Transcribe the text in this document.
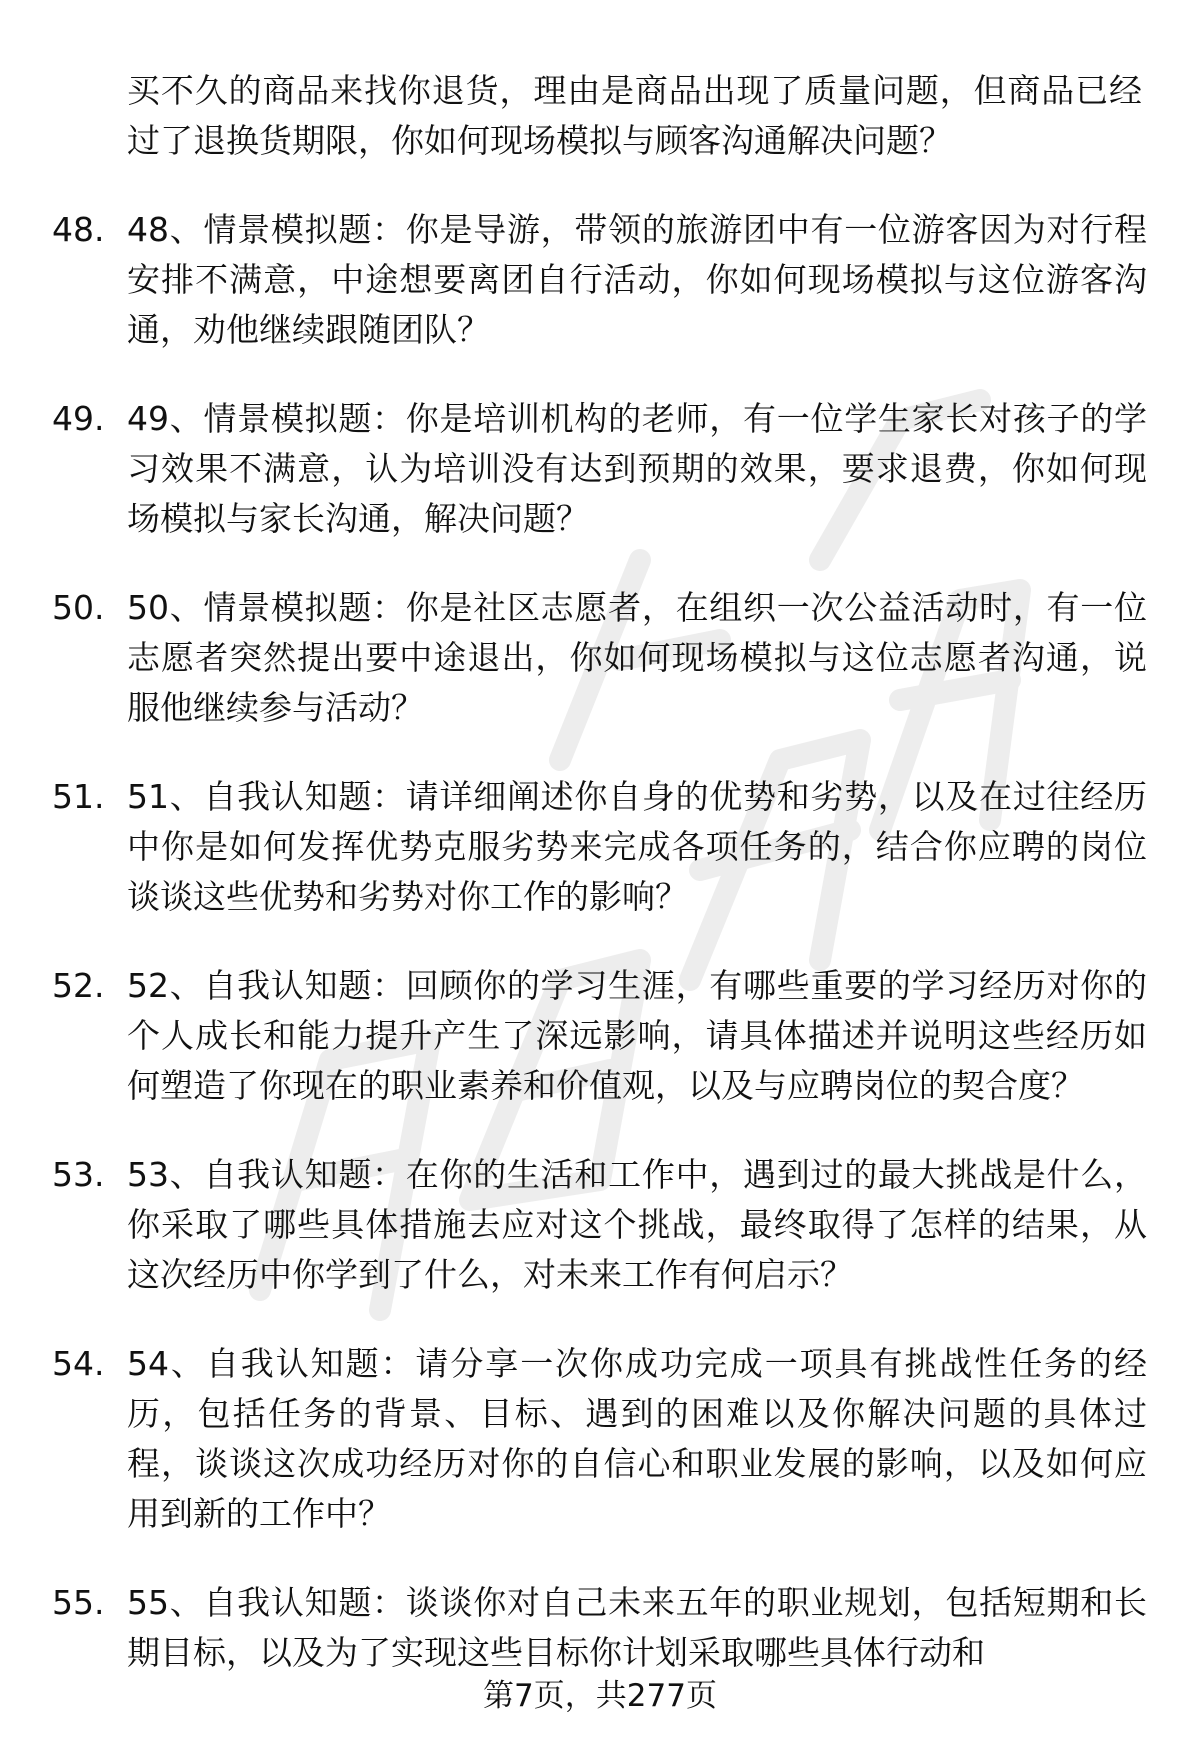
买不久的商品来找你退货，理由是商品出现了质量问题，但商品已经过了退换货期限，你如何现场模拟与顾客沟通解决问题？
48. 48、情景模拟题：你是导游，带领的旅游团中有一位游客因为对行程安排不满意，中途想要离团自行活动，你如何现场模拟与这位游客沟通，劝他继续跟随团队？
49. 49、情景模拟题：你是培训机构的老师，有一位学生家长对孩子的学习效果不满意，认为培训没有达到预期的效果，要求退费，你如何现场模拟与家长沟通，解决问题？
50. 50、情景模拟题：你是社区志愿者，在组织一次公益活动时，有一位志愿者突然提出要中途退出，你如何现场模拟与这位志愿者沟通，说服他继续参与活动？
51. 51、自我认知题：请详细阐述你自身的优势和劣势，以及在过往经历中你是如何发挥优势克服劣势来完成各项任务的，结合你应聘的岗位谈谈这些优势和劣势对你工作的影响？
52. 52、自我认知题：回顾你的学习生涯，有哪些重要的学习经历对你的个人成长和能力提升产生了深远影响，请具体描述并说明这些经历如何塑造了你现在的职业素养和价值观，以及与应聘岗位的契合度？
53. 53、自我认知题：在你的生活和工作中，遇到过的最大挑战是什么，你采取了哪些具体措施去应对这个挑战，最终取得了怎样的结果，从这次经历中你学到了什么，对未来工作有何启示？
54. 54、自我认知题：请分享一次你成功完成一项具有挑战性任务的经历，包括任务的背景、目标、遇到的困难以及你解决问题的具体过程，谈谈这次成功经历对你的自信心和职业发展的影响，以及如何应用到新的工作中？
55. 55、自我认知题：谈谈你对自己未来五年的职业规划，包括短期和长期目标，以及为了实现这些目标你计划采取哪些具体行动和
第7页，共277页
